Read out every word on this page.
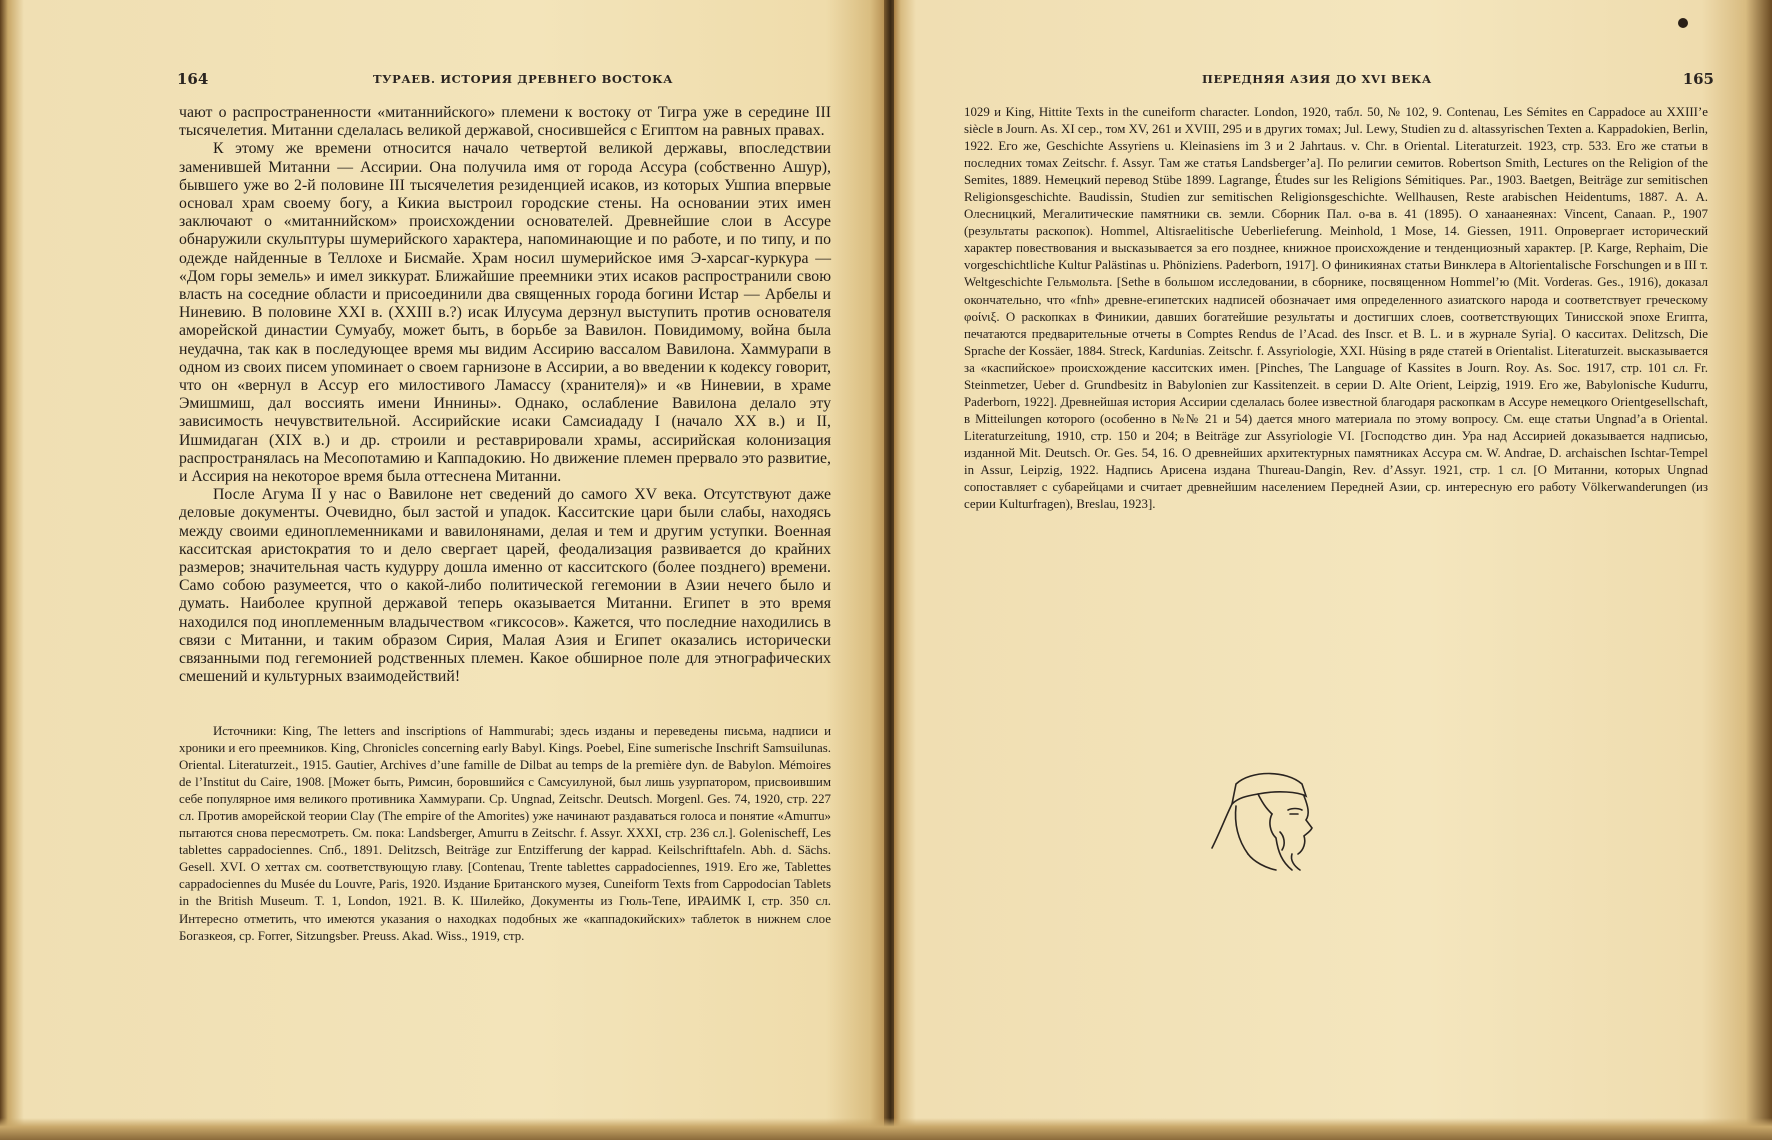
164	ТУРАЕВ. ИСТОРИЯ ДРЕВНЕГО ВОСТОКА

чают о распространенности «митаннийского» племени к востоку от Тигра уже в середине III тысячелетия. Митанни сделалась великой державой, сносившейся с Египтом на равных правах.

К этому же времени относится начало четвертой великой державы, впоследствии заменившей Митанни — Ассирии. Она получила имя от города Ассура (собственно Ашур), бывшего уже во 2-й половине III тысячелетия резиденцией исаков, из которых Ушпиа впервые основал храм своему богу, а Кикиа выстроил городские стены. На основании этих имен заключают о «митаннийском» происхождении основателей. Древнейшие слои в Ассуре обнаружили скульптуры шумерийского характера, напоминающие и по работе, и по типу, и по одежде найденные в Теллохе и Бисмайе. Храм носил шумерийское имя Э-харсаг-куркура — «Дом горы земель» и имел зиккурат. Ближайшие преемники этих исаков распространили свою власть на соседние области и присоединили два священных города богини Истар — Арбелы и Ниневию. В половине XXI в. (XXIII в.?) исак Илусума дерзнул выступить против основателя аморейской династии Сумуабу, может быть, в борьбе за Вавилон. Повидимому, война была неудачна, так как в последующее время мы видим Ассирию вассалом Вавилона. Хаммурапи в одном из своих писем упоминает о своем гарнизоне в Ассирии, а во введении к кодексу говорит, что он «вернул в Ассур его милостивого Ламассу (хранителя)» и «в Ниневии, в храме Эмишмиш, дал воссиять имени Иннины». Однако, ослабление Вавилона делало эту зависимость нечувствительной. Ассирийские исаки Самсиададу I (начало XX в.) и II, Ишмидаган (XIX в.) и др. строили и реставрировали храмы, ассирийская колонизация распространялась на Месопотамию и Каппадокию. Но движение племен прервало это развитие, и Ассирия на некоторое время была оттеснена Митанни.

После Агума II у нас о Вавилоне нет сведений до самого XV века. Отсутствуют даже деловые документы. Очевидно, был застой и упадок. Касситские цари были слабы, находясь между своими единоплеменниками и вавилонянами, делая и тем и другим уступки. Военная касситская аристократия то и дело свергает царей, феодализация развивается до крайних размеров; значительная часть кудурру дошла именно от касситского (более позднего) времени. Само собою разумеется, что о какой-либо политической гегемонии в Азии нечего было и думать. Наиболее крупной державой теперь оказывается Митанни. Египет в это время находился под иноплеменным владычеством «гиксосов». Кажется, что последние находились в связи с Митанни, и таким образом Сирия, Малая Азия и Египет оказались исторически связанными под гегемонией родственных племен. Какое обширное поле для этнографических смешений и культурных взаимодействий!

Источники: King, The letters and inscriptions of Hammurabi; здесь изданы и переведены письма, надписи и хроники и его преемников. King, Chronicles concerning early Babyl. Kings. Poebel, Eine sumerische Inschrift Samsuilunas. Oriental. Literaturzeit., 1915. Gautier, Archives d’une famille de Dilbat au temps de la première dyn. de Babylon. Mémoires de l’Institut du Caire, 1908. [Может быть, Римсин, боровшийся с Самсуилуной, был лишь узурпатором, присвоившим себе популярное имя великого противника Хаммурапи. Ср. Ungnad, Zeitschr. Deutsch. Morgenl. Ges. 74, 1920, стр. 227 сл. Против аморейской теории Clay (The empire of the Amorites) уже начинают раздаваться голоса и понятие «Amurru» пытаются снова пересмотреть. См. пока: Landsberger, Amurru в Zeitschr. f. Assyr. XXXI, стр. 236 сл.]. Golenischeff, Les tablettes cappadociennes. Спб., 1891. Delitzsch, Beiträge zur Entzifferung der kappad. Keilschrifttafeln. Abh. d. Sächs. Gesell. XVI. О хеттах см. соответствующую главу. [Contenau, Trente tablettes cappadociennes, 1919. Его же, Tablettes cappadociennes du Musée du Louvre, Paris, 1920. Издание Британского музея, Cuneiform Texts from Cappodocian Tablets in the British Museum. T. 1, London, 1921. В. К. Шилейко, Документы из Гюль-Тепе, ИРАИМК I, стр. 350 сл. Интересно отметить, что имеются указания о находках подобных же «каппадокийских» таблеток в нижнем слое Богазкеоя, ср. Forrer, Sitzungsber. Preuss. Akad. Wiss., 1919, стр.

ПЕРЕДНЯЯ АЗИЯ ДО XVI ВЕКА	165

1029 и King, Hittite Texts in the cuneiform character. London, 1920, табл. 50, № 102, 9. Contenau, Les Sémites en Cappadoce au XXIII’e siècle в Journ. As. XI сер., том XV, 261 и XVIII, 295 и в других томах; Jul. Lewy, Studien zu d. altassyrischen Texten a. Kappadokien, Berlin, 1922. Его же, Geschichte Assyriens u. Kleinasiens im 3 и 2 Jahrtaus. v. Chr. в Oriental. Literaturzeit. 1923, стр. 533. Его же статьи в последних томах Zeitschr. f. Assyr. Там же статья Landsberger’a]. По религии семитов. Robertson Smith, Lectures on the Religion of the Semites, 1889. Немецкий перевод Stübe 1899. Lagrange, Études sur les Religions Sémitiques. Par., 1903. Baetgen, Beiträge zur semitischen Religionsgeschichte. Baudissin, Studien zur semitischen Religionsgeschichte. Wellhausen, Reste arabischen Heidentums, 1887. А. А. Олесницкий, Мегалитические памятники св. земли. Сборник Пал. о-ва в. 41 (1895). О ханаанеянах: Vincent, Canaan. P., 1907 (результаты раскопок). Hommel, Altisraelitische Ueberlieferung. Meinhold, 1 Mose, 14. Giessen, 1911. Опровергает исторический характер повествования и высказывается за его позднее, книжное происхождение и тенденциозный характер. [P. Karge, Rephaim, Die vorgeschichtliche Kultur Palästinas u. Phöniziens. Paderborn, 1917]. О финикиянах статьи Винклера в Altorientalische Forschungen и в III т. Weltgeschichte Гельмольта. [Sethe в большом исследовании, в сборнике, посвященном Hommel’ю (Mit. Vorderas. Ges., 1916), доказал окончательно, что «fnh» древне-египетских надписей обозначает имя определенного азиатского народа и соответствует греческому φοίνιξ. О раскопках в Финикии, давших богатейшие результаты и достигших слоев, соответствующих Тинисской эпохе Египта, печатаются предварительные отчеты в Comptes Rendus de l’Acad. des Inscr. et B. L. и в журнале Syria]. О касситах. Delitzsch, Die Sprache der Kossäer, 1884. Streck, Kardunias. Zeitschr. f. Assyriologie, XXI. Hüsing в ряде статей в Orientalist. Literaturzeit. высказывается за «каспийское» происхождение касситских имен. [Pinches, The Language of Kassites в Journ. Roy. As. Soc. 1917, стр. 101 сл. Fr. Steinmetzer, Ueber d. Grundbesitz in Babylonien zur Kassitenzeit. в серии D. Alte Orient, Leipzig, 1919. Его же, Babylonische Kudurru, Paderborn, 1922]. Древнейшая история Ассирии сделалась более известной благодаря раскопкам в Ассуре немецкого Orientgesellschaft, в Mitteilungen которого (особенно в №№ 21 и 54) дается много материала по этому вопросу. См. еще статьи Ungnad’a в Oriental. Literaturzeitung, 1910, стр. 150 и 204; в Beiträge zur Assyriologie VI. [Господство дин. Ура над Ассирией доказывается надписью, изданной Mit. Deutsch. Or. Ges. 54, 16. О древнейших архитектурных памятниках Ассура см. W. Andrae, D. archaischen Ischtar-Tempel in Assur, Leipzig, 1922. Надпись Арисена издана Thureau-Dangin, Rev. d’Assyr. 1921, стр. 1 сл. [О Митанни, которых Ungnad сопоставляет с субарейцами и считает древнейшим населением Передней Азии, ср. интересную его работу Völkerwanderungen (из серии Kulturfragen), Breslau, 1923].
